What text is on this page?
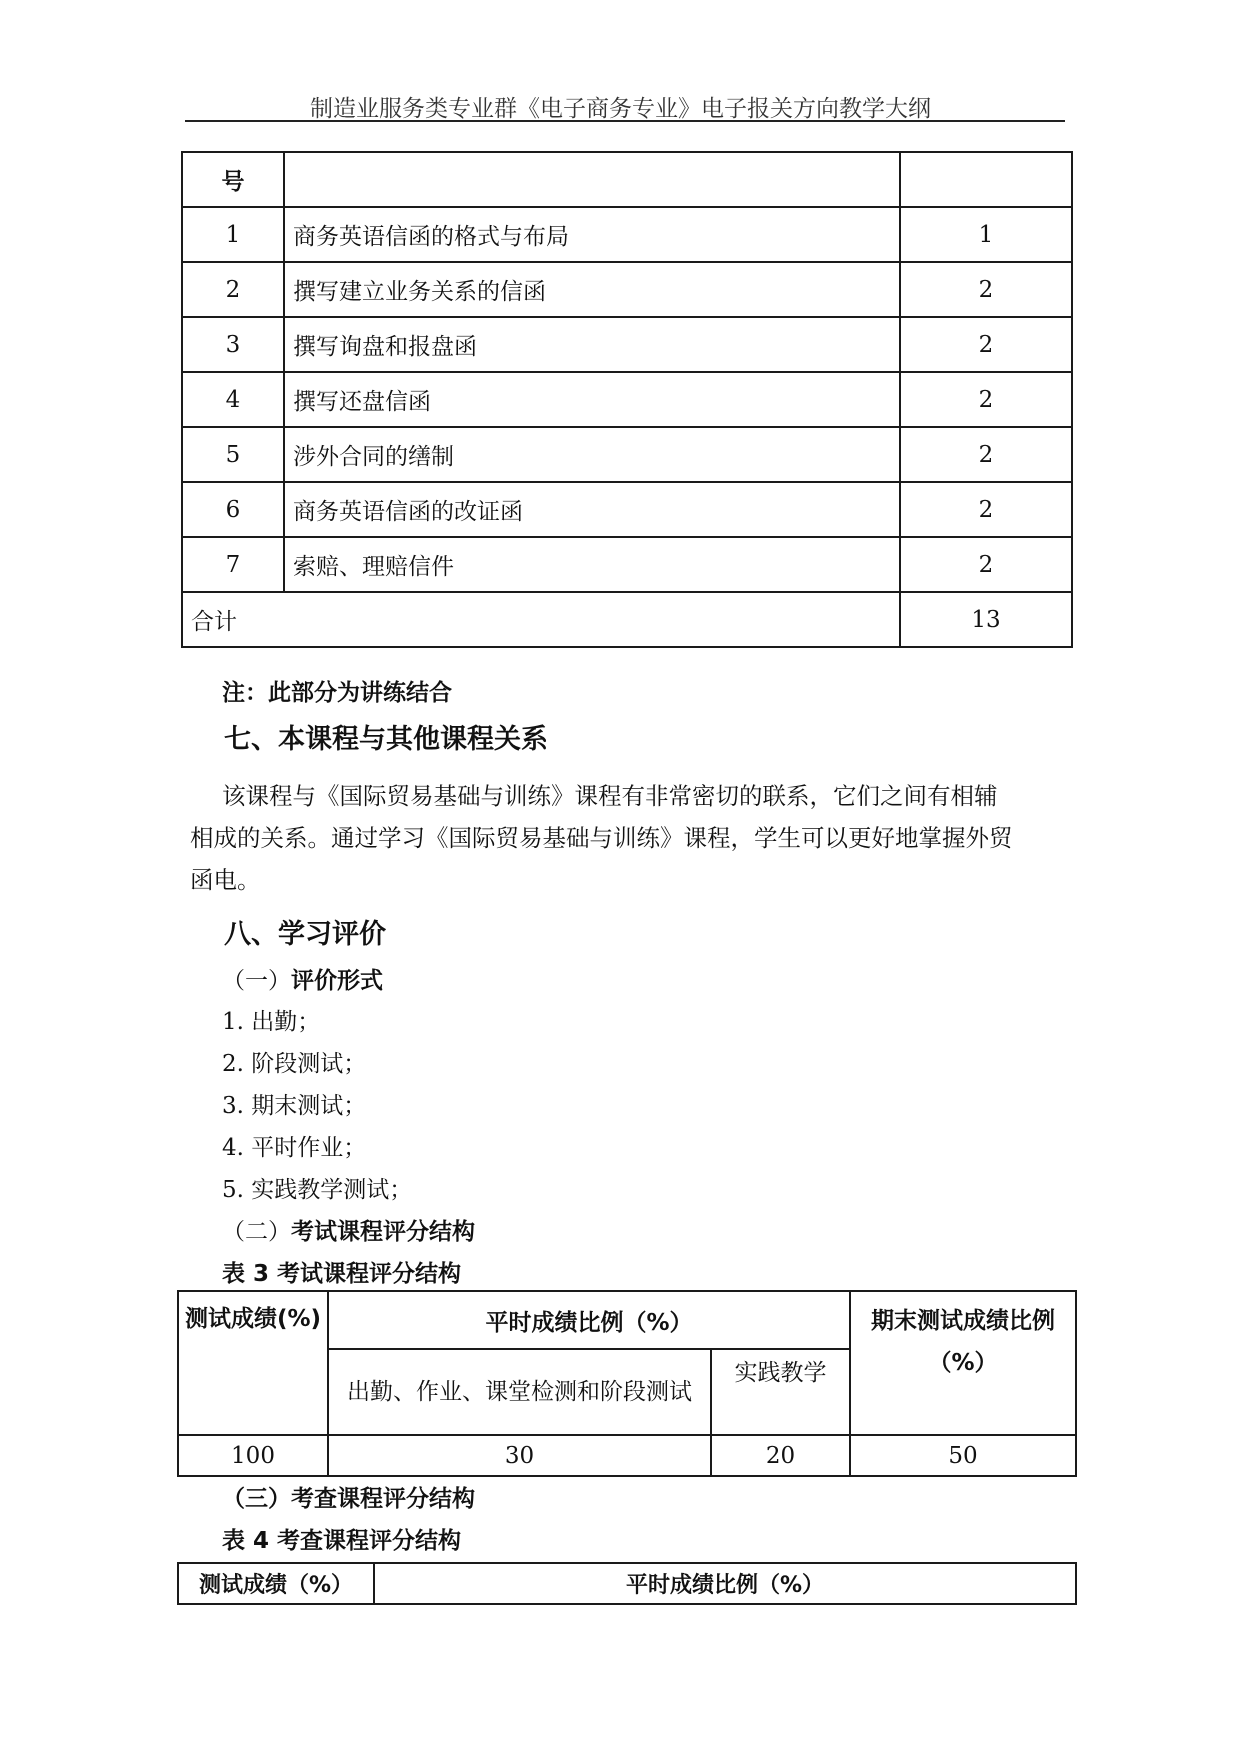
制造业服务类专业群《电子商务专业》电子报关方向教学大纲
号		
1	商务英语信函的格式与布局	1
2	撰写建立业务关系的信函	2
3	撰写询盘和报盘函	2
4	撰写还盘信函	2
5	涉外合同的缮制	2
6	商务英语信函的改证函	2
7	索赔、理赔信件	2
合计		13
注：此部分为讲练结合
七、本课程与其他课程关系
该课程与《国际贸易基础与训练》课程有非常密切的联系，它们之间有相辅
相成的关系。通过学习《国际贸易基础与训练》课程，学生可以更好地掌握外贸
函电。
八、学习评价
（一）评价形式
1. 出勤；
2. 阶段测试；
3. 期末测试；
4. 平时作业；
5. 实践教学测试；
（二）考试课程评分结构
表 3 考试课程评分结构
测试成绩(%)	平时成绩比例（%）		期末测试成绩比例（%）
	出勤、作业、课堂检测和阶段测试	实践教学	
100	30	20	50
（三）考查课程评分结构
表 4 考查课程评分结构
测试成绩（%）	平时成绩比例（%）
